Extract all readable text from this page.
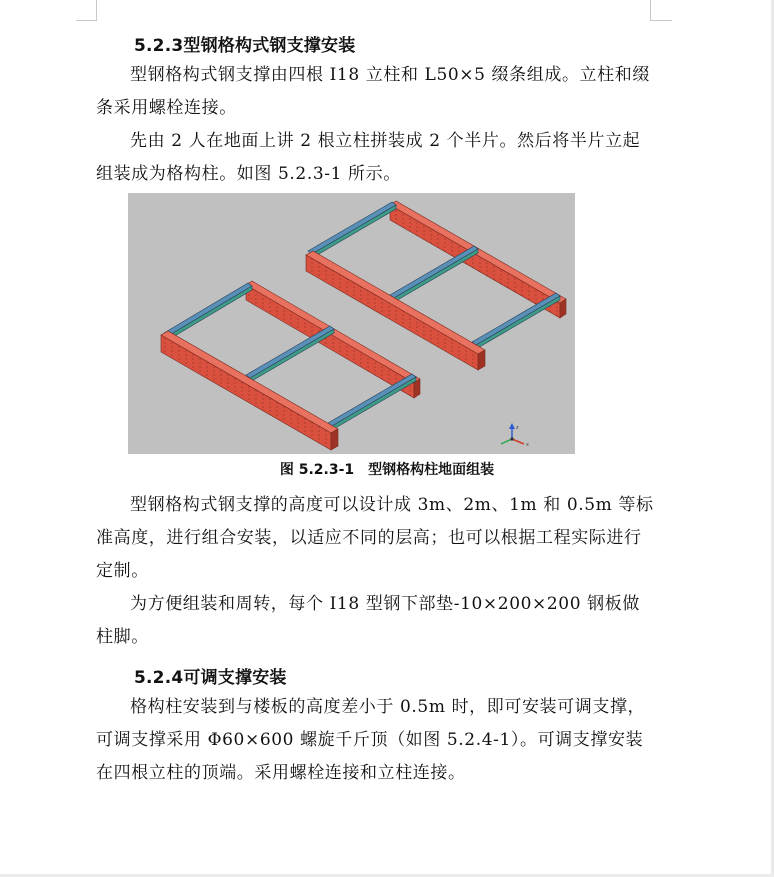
5.2.3型钢格构式钢支撑安装

型钢格构式钢支撑由四根 I18 立柱和 L50×5 缀条组成。立柱和缀条采用螺栓连接。

先由 2 人在地面上讲 2 根立柱拼装成 2 个半片。然后将半片立起组装成为格构柱。如图 5.2.3-1 所示。

z
x
图 5.2.3-1　型钢格构柱地面组装

型钢格构式钢支撑的高度可以设计成 3m、2m、1m 和 0.5m 等标准高度，进行组合安装，以适应不同的层高；也可以根据工程实际进行定制。

为方便组装和周转，每个 I18 型钢下部垫-10×200×200 钢板做柱脚。

5.2.4可调支撑安装

格构柱安装到与楼板的高度差小于 0.5m 时，即可安装可调支撑，可调支撑采用 Φ60×600 螺旋千斤顶（如图 5.2.4-1）。可调支撑安装在四根立柱的顶端。采用螺栓连接和立柱连接。
